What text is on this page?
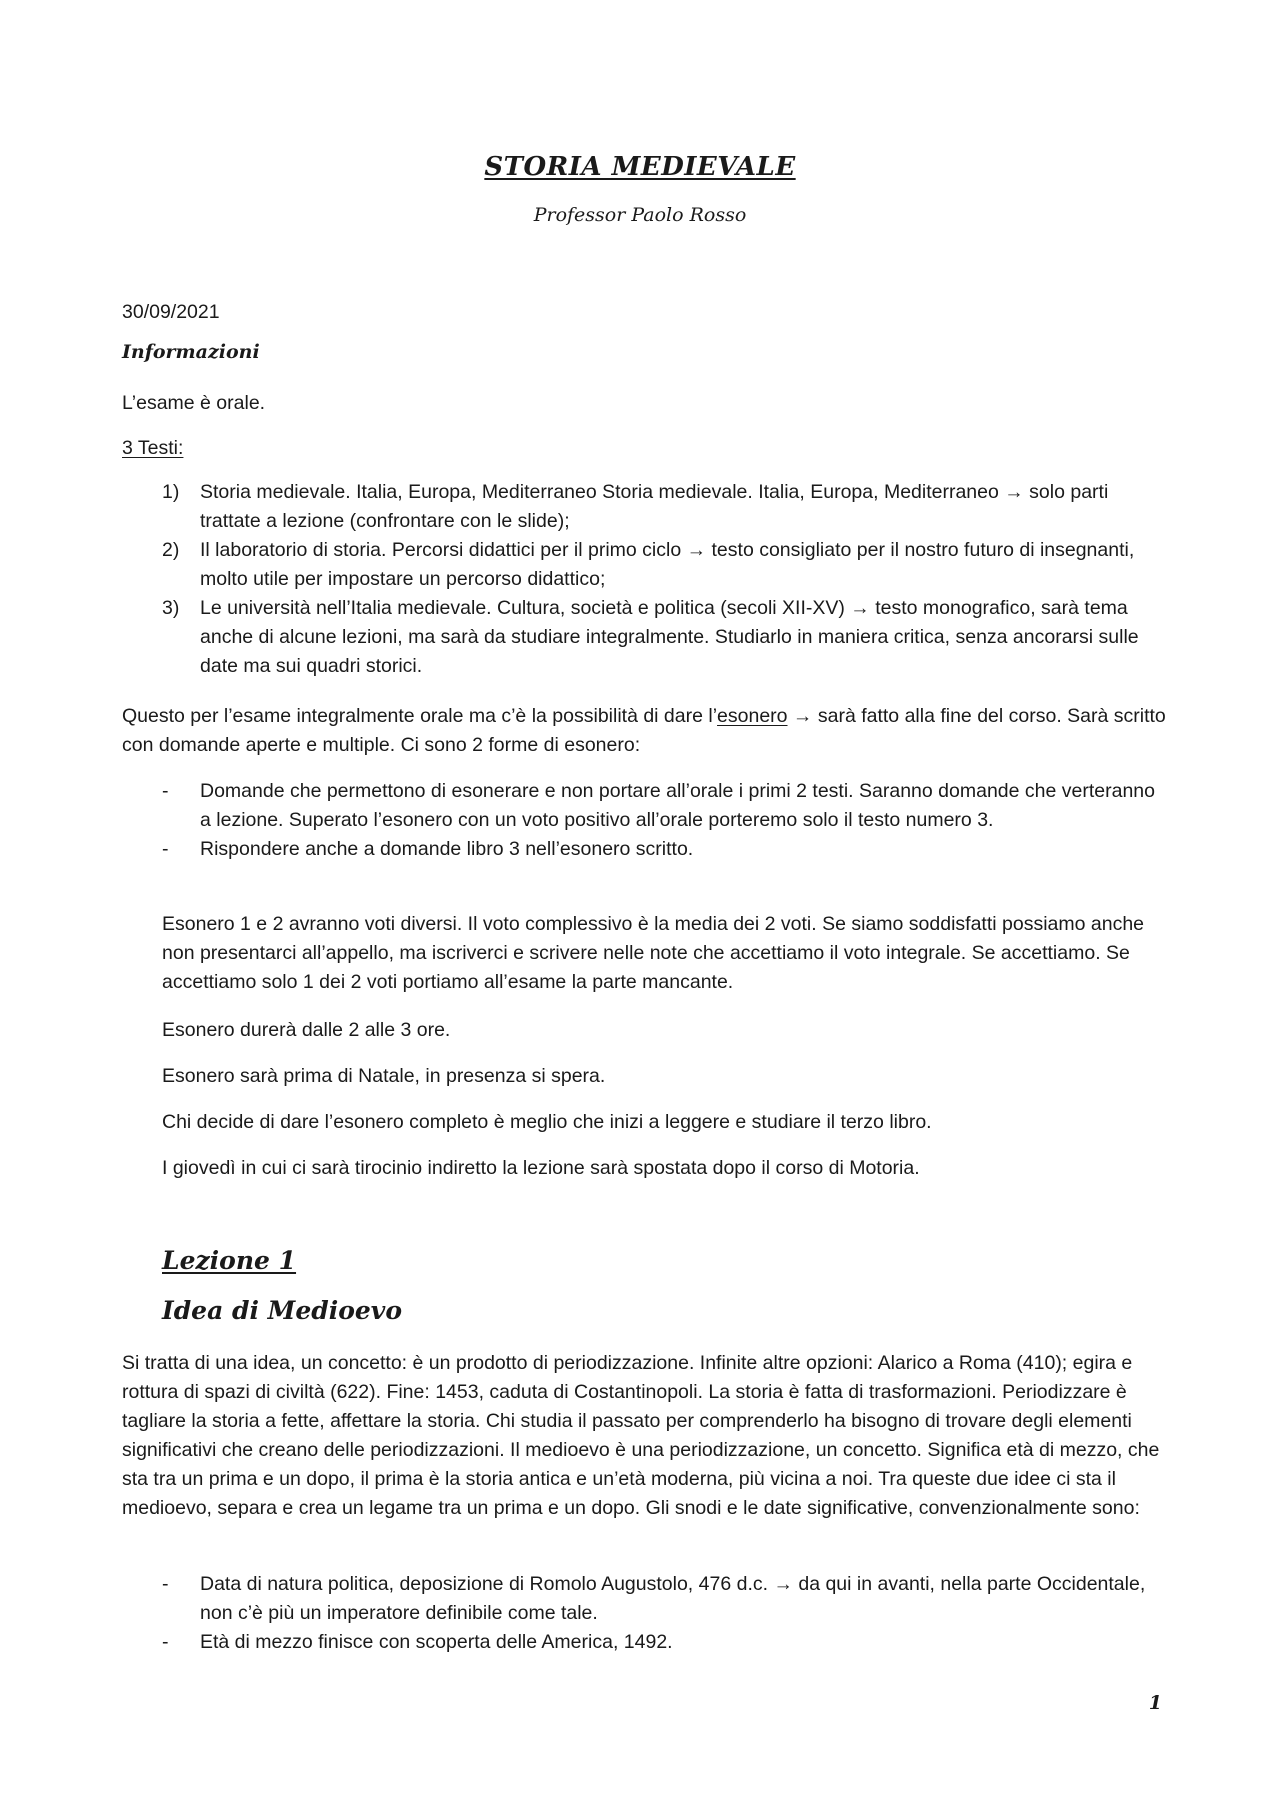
STORIA MEDIEVALE
Professor Paolo Rosso
30/09/2021
Informazioni
L’esame è orale.
3 Testi:
1) Storia medievale. Italia, Europa, Mediterraneo Storia medievale. Italia, Europa, Mediterraneo → solo parti trattate a lezione (confrontare con le slide);
2) Il laboratorio di storia. Percorsi didattici per il primo ciclo → testo consigliato per il nostro futuro di insegnanti, molto utile per impostare un percorso didattico;
3) Le università nell’Italia medievale. Cultura, società e politica (secoli XII-XV) → testo monografico, sarà tema anche di alcune lezioni, ma sarà da studiare integralmente. Studiarlo in maniera critica, senza ancorarsi sulle date ma sui quadri storici.

Questo per l’esame integralmente orale ma c’è la possibilità di dare l’esonero → sarà fatto alla fine del corso. Sarà scritto con domande aperte e multiple. Ci sono 2 forme di esonero:

- Domande che permettono di esonerare e non portare all’orale i primi 2 testi. Saranno domande che verteranno a lezione. Superato l’esonero con un voto positivo all’orale porteremo solo il testo numero 3.
- Rispondere anche a domande libro 3 nell’esonero scritto.

Esonero 1 e 2 avranno voti diversi. Il voto complessivo è la media dei 2 voti. Se siamo soddisfatti possiamo anche non presentarci all’appello, ma iscriverci e scrivere nelle note che accettiamo il voto integrale. Se accettiamo. Se accettiamo solo 1 dei 2 voti portiamo all’esame la parte mancante.

Esonero durerà dalle 2 alle 3 ore.

Esonero sarà prima di Natale, in presenza si spera.

Chi decide di dare l’esonero completo è meglio che inizi a leggere e studiare il terzo libro.

I giovedì in cui ci sarà tirocinio indiretto la lezione sarà spostata dopo il corso di Motoria.

Lezione 1
Idea di Medioevo

Si tratta di una idea, un concetto: è un prodotto di periodizzazione. Infinite altre opzioni: Alarico a Roma (410); egira e rottura di spazi di civiltà (622). Fine: 1453, caduta di Costantinopoli. La storia è fatta di trasformazioni. Periodizzare è tagliare la storia a fette, affettare la storia. Chi studia il passato per comprenderlo ha bisogno di trovare degli elementi significativi che creano delle periodizzazioni. Il medioevo è una periodizzazione, un concetto. Significa età di mezzo, che sta tra un prima e un dopo, il prima è la storia antica e un’età moderna, più vicina a noi. Tra queste due idee ci sta il medioevo, separa e crea un legame tra un prima e un dopo. Gli snodi e le date significative, convenzionalmente sono:

- Data di natura politica, deposizione di Romolo Augustolo, 476 d.c. → da qui in avanti, nella parte Occidentale, non c’è più un imperatore definibile come tale.
- Età di mezzo finisce con scoperta delle America, 1492.
1
